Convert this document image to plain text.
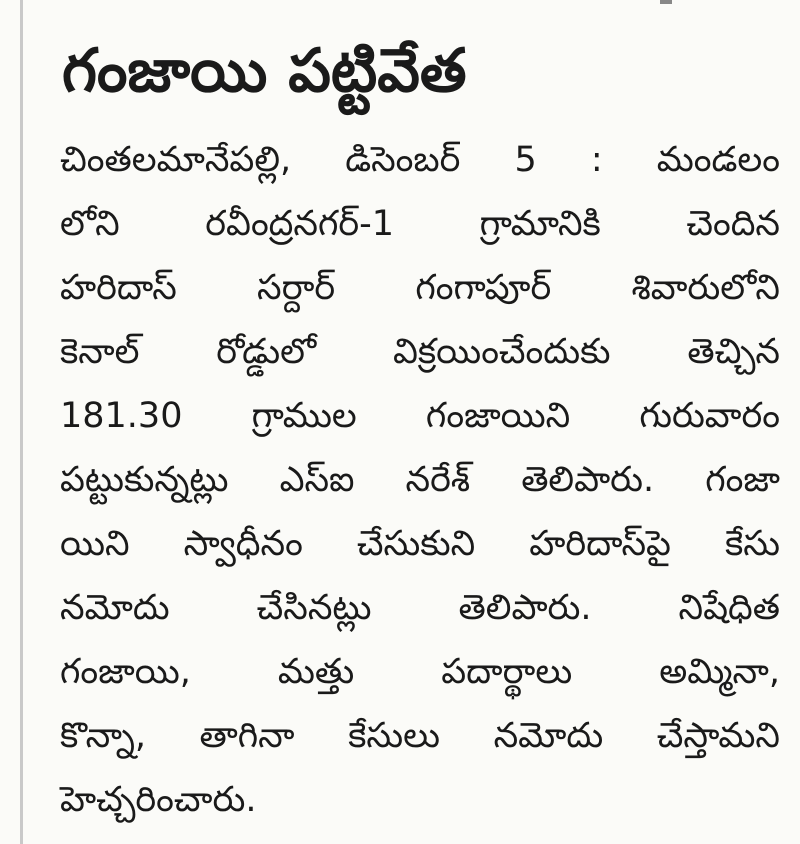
గంజాయి పట్టివేత
చింతలమానేపల్లి, డిసెంబర్ 5 : మండలం
లోని రవీంద్రనగర్-1 గ్రామానికి చెందిన
హరిదాస్ సర్దార్ గంగాపూర్ శివారులోని
కెనాల్ రోడ్డులో విక్రయించేందుకు తెచ్చిన
181.30 గ్రాముల గంజాయిని గురువారం
పట్టుకున్నట్లు ఎస్ఐ నరేశ్ తెలిపారు. గంజా
యిని స్వాధీనం చేసుకుని హరిదాస్‌పై కేసు
నమోదు చేసినట్లు తెలిపారు. నిషేధిత
గంజాయి, మత్తు పదార్థాలు అమ్మినా,
కొన్నా, తాగినా కేసులు నమోదు చేస్తామని
హెచ్చరించారు.
